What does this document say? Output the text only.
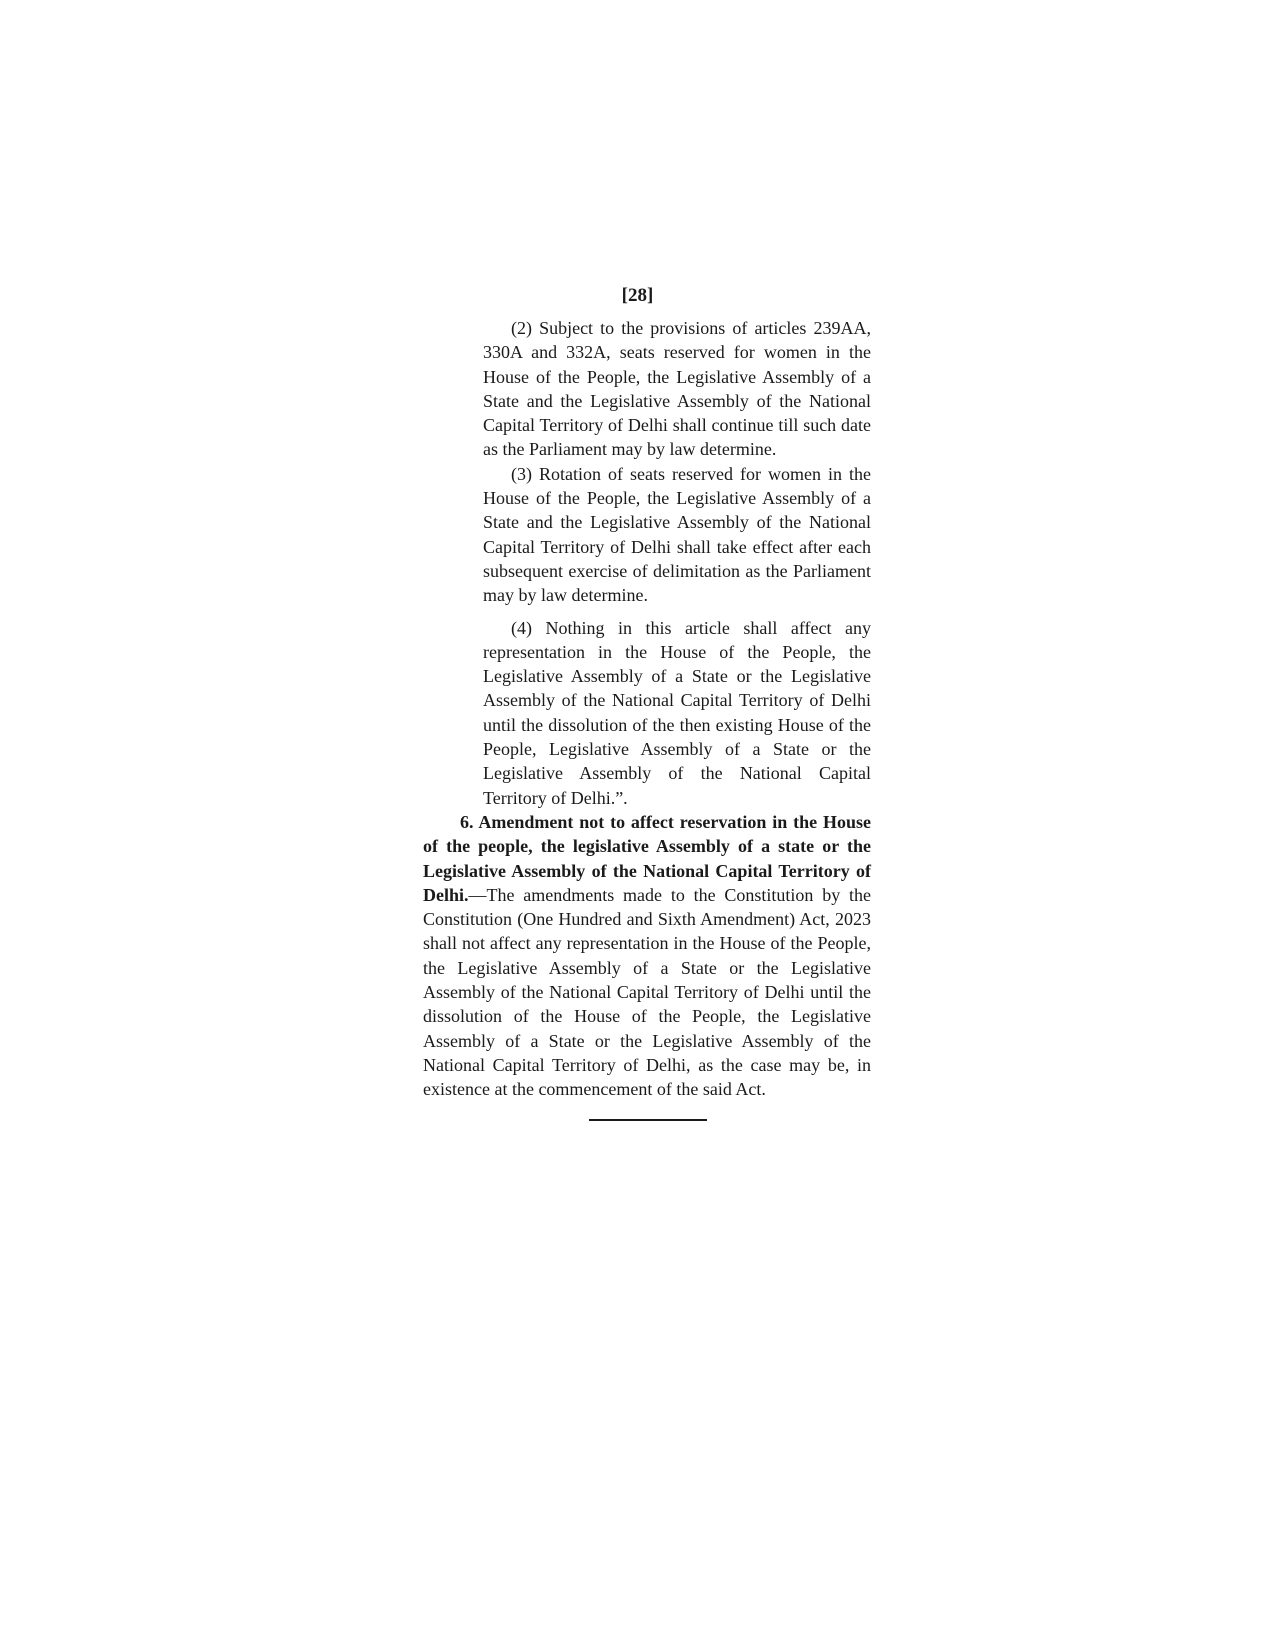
[28]

(2) Subject to the provisions of articles 239AA, 330A and 332A, seats reserved for women in the House of the People, the Legislative Assembly of a State and the Legislative Assembly of the National Capital Territory of Delhi shall continue till such date as the Parliament may by law determine.

(3) Rotation of seats reserved for women in the House of the People, the Legislative Assembly of a State and the Legislative Assembly of the National Capital Territory of Delhi shall take effect after each subsequent exercise of delimitation as the Parliament may by law determine.

(4) Nothing in this article shall affect any representation in the House of the People, the Legislative Assembly of a State or the Legislative Assembly of the National Capital Territory of Delhi until the dissolution of the then existing House of the People, Legislative Assembly of a State or the Legislative Assembly of the National Capital Territory of Delhi.”.

6. Amendment not to affect reservation in the House of the people, the legislative Assembly of a state or the Legislative Assembly of the National Capital Territory of Delhi.—The amendments made to the Constitution by the Constitution (One Hundred and Sixth Amendment) Act, 2023 shall not affect any representation in the House of the People, the Legislative Assembly of a State or the Legislative Assembly of the National Capital Territory of Delhi until the dissolution of the House of the People, the Legislative Assembly of a State or the Legislative Assembly of the National Capital Territory of Delhi, as the case may be, in existence at the commencement of the said Act.
